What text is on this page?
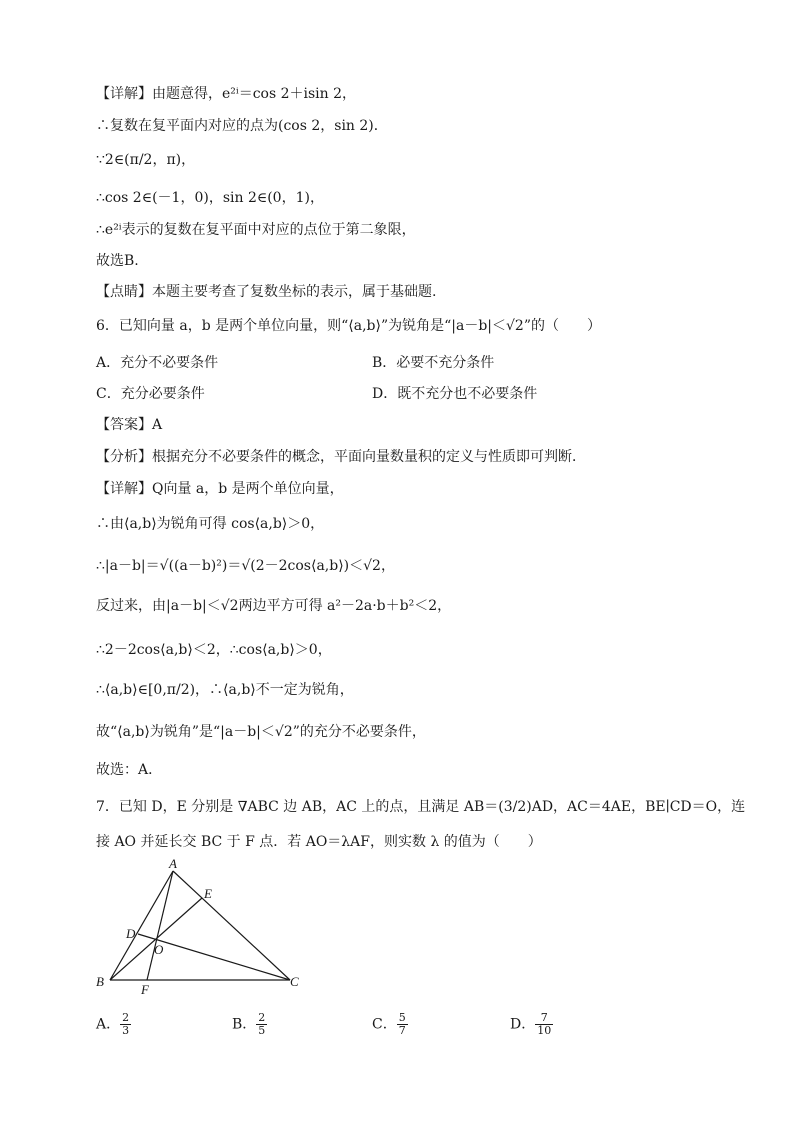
【详解】由题意得，e²ⁱ＝cos 2＋isin 2，
∴复数在复平面内对应的点为(cos 2，sin 2)．
∵2∈(π/2，π)，
∴cos 2∈(－1，0)，sin 2∈(0，1)，
∴e²ⁱ表示的复数在复平面中对应的点位于第二象限，
故选B.
【点睛】本题主要考查了复数坐标的表示，属于基础题.
6．已知向量 a，b 是两个单位向量，则“⟨a,b⟩”为锐角是“|a－b|＜√2”的（　　）
A．充分不必要条件	B．必要不充分条件
C．充分必要条件	D．既不充分也不必要条件
【答案】A
【分析】根据充分不必要条件的概念，平面向量数量积的定义与性质即可判断．
【详解】Q向量 a，b 是两个单位向量，
∴由⟨a,b⟩为锐角可得 cos⟨a,b⟩＞0，
∴|a－b|＝√((a－b)²)＝√(2－2cos⟨a,b⟩)＜√2，
反过来，由|a－b|＜√2两边平方可得 a²－2a·b＋b²＜2，
∴2－2cos⟨a,b⟩＜2，∴cos⟨a,b⟩＞0，
∴⟨a,b⟩∈[0,π/2)，∴⟨a,b⟩不一定为锐角，
故“⟨a,b⟩为锐角”是“|a－b|＜√2”的充分不必要条件，
故选：A．
7．已知 D，E 分别是 ∇ABC 边 AB，AC 上的点，且满足 AB＝(3/2)AD，AC＝4AE，BE∣CD＝O，连
接 AO 并延长交 BC 于 F 点．若 AO＝λAF，则实数 λ 的值为（　　）
A
B	C
D
E
F
O
A． $\frac{2}{3}$	B． $\frac{2}{5}$	C． $\frac{5}{7}$	D． $\frac{7}{10}$
